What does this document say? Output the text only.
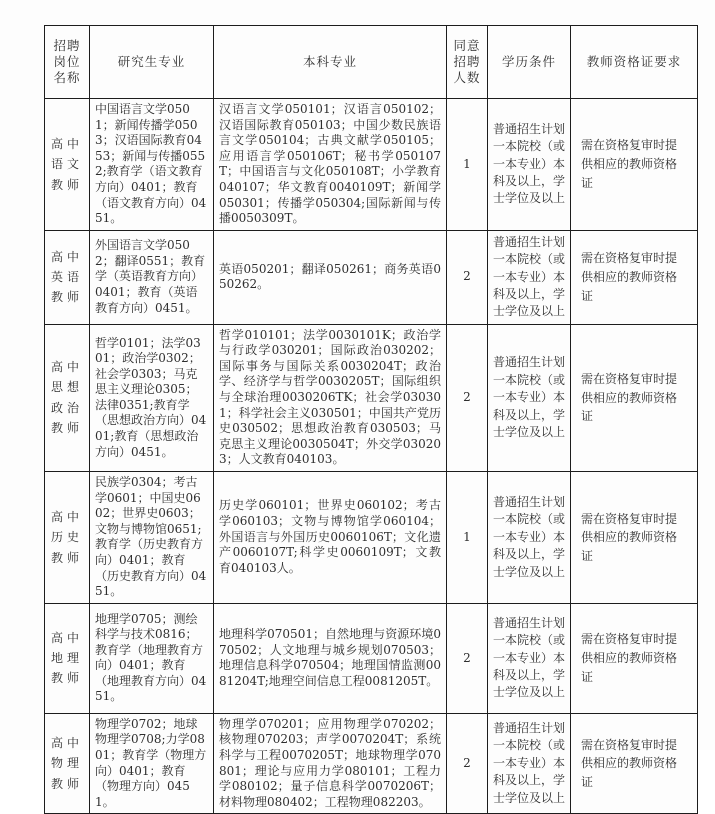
招聘岗位名称	研究生专业	本科专业	同意招聘人数	学历条件	教师资格证要求
高中语文教师	中国语言文学0501；新闻传播学0503；汉语国际教育0453；新闻与传播0552;教育学（语文教育方向）0401；教育（语文教育方向）0451。	汉语言文学050101；汉语言050102；汉语国际教育050103；中国少数民族语言文学050104；古典文献学050105；应用语言学050106T；秘书学050107T；中国语言与文化050108T；小学教育040107；华文教育0040109T；新闻学050301；传播学050304;国际新闻与传播0050309T。	1	普通招生计划一本院校（或一本专业）本科及以上，学士学位及以上	需在资格复审时提供相应的教师资格证
高中英语教师	外国语言文学0502；翻译0551；教育学（英语教育方向）0401；教育（英语教育方向）0451。	英语050201；翻译050261；商务英语050262。	2	普通招生计划一本院校（或一本专业）本科及以上，学士学位及以上	需在资格复审时提供相应的教师资格证
高中思想政治教师	哲学0101；法学0301；政治学0302；社会学0303；马克思主义理论0305；法律0351;教育学（思想政治方向）0401;教育（思想政治方向）0451。	哲学010101；法学0030101K；政治学与行政学030201；国际政治030202；国际事务与国际关系0030204T；政治学、经济学与哲学0030205T；国际组织与全球治理0030206TK；社会学030301；科学社会主义030501；中国共产党历史030502；思想政治教育030503；马克思主义理论0030504T；外交学030203；人文教育040103。	2	普通招生计划一本院校（或一本专业）本科及以上，学士学位及以上	需在资格复审时提供相应的教师资格证
高中历史教师	民族学0304；考古学0601；中国史0602；世界史0603；文物与博物馆0651;教育学（历史教育方向）0401；教育（历史教育方向）0451。	历史学060101；世界史060102；考古学060103；文物与博物馆学060104；外国语言与外国历史0060106T；文化遗产0060107T;科学史0060109T；文教育040103人。	1	普通招生计划一本院校（或一本专业）本科及以上，学士学位及以上	需在资格复审时提供相应的教师资格证
高中地理教师	地理学0705；测绘科学与技术0816；教育学（地理教育方向）0401；教育（地理教育方向）0451。	地理科学070501；自然地理与资源环境070502；人文地理与城乡规划070503；地理信息科学070504；地理国情监测0081204T;地理空间信息工程0081205T。	2	普通招生计划一本院校（或一本专业）本科及以上，学士学位及以上	需在资格复审时提供相应的教师资格证
高中物理教师	物理学0702；地球物理学0708;力学0801；教育学（物理方向）0401；教育（物理方向）0451。	物理学070201；应用物理学070202；核物理070203；声学0070204T；系统科学与工程0070205T；地球物理学070801；理论与应用力学080101；工程力学080102；量子信息科学0070206T；材料物理080402；工程物理082203。	2	普通招生计划一本院校（或一本专业）本科及以上，学士学位及以上	需在资格复审时提供相应的教师资格证
